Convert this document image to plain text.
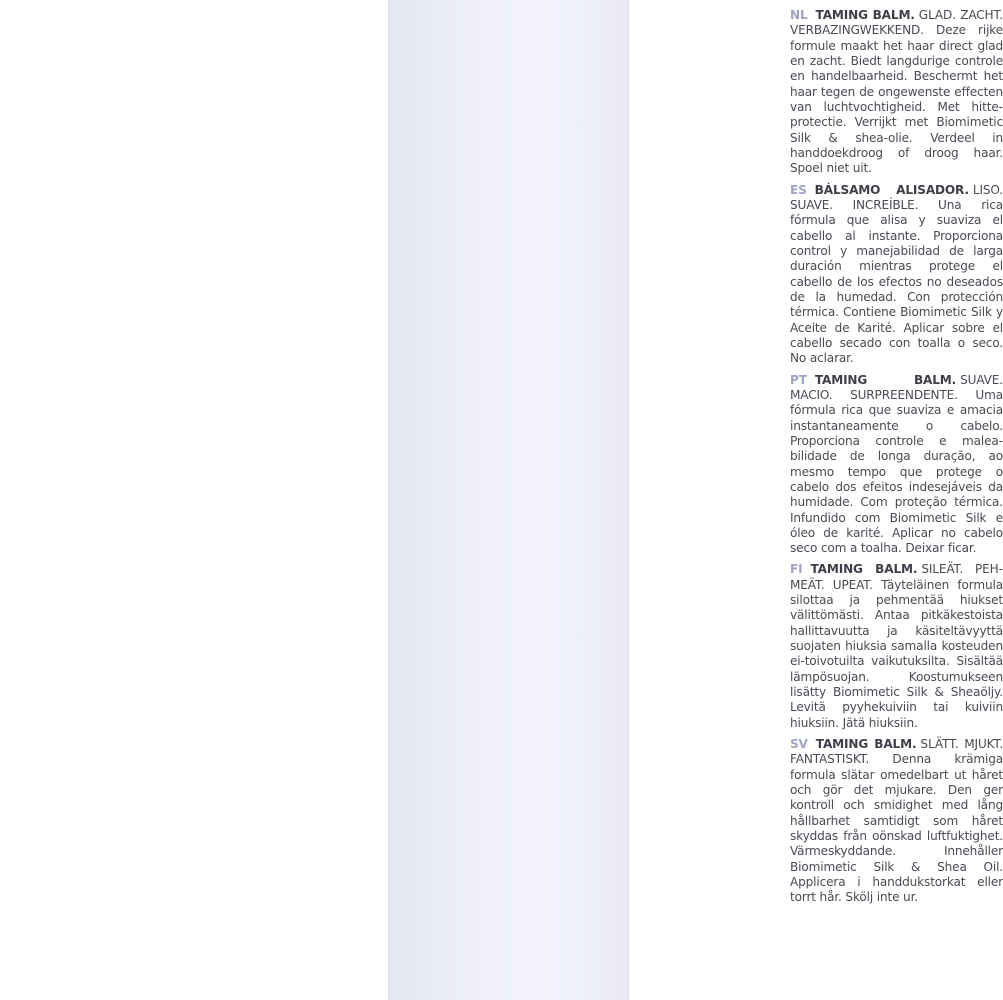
NL TAMING BALM. GLAD. ZACHT. VERBAZINGWEKKEND. Deze rijke formule maakt het haar direct glad en zacht. Biedt langdurige controle en handelbaarheid. Beschermt het haar tegen de ongewenste effecten van luchtvochtigheid. Met hitteprotectie. Verrijkt met Biomimetic Silk & shea-olie. Verdeel in handdoekdroog of droog haar. Spoel niet uit.

ES BÁLSAMO ALISADOR. LISO. SUAVE. INCREÍBLE. Una rica fórmula que alisa y suaviza el cabello al instante. Proporciona control y manejabilidad de larga duración mientras protege el cabello de los efectos no deseados de la humedad. Con protección térmica. Contiene Biomimetic Silk y Aceite de Karité. Aplicar sobre el cabello secado con toalla o seco. No aclarar.

PT TAMING BALM. SUAVE. MACIO. SURPREENDENTE. Uma fórmula rica que suaviza e amacia instantaneamente o cabelo. Proporciona controle e maleabilidade de longa duração, ao mesmo tempo que protege o cabelo dos efeitos indesejáveis da humidade. Com proteção térmica. Infundido com Biomimetic Silk e óleo de karité. Aplicar no cabelo seco com a toalha. Deixar ficar.

FI TAMING BALM. SILEÄT. PEHMEÄT. UPEAT. Täyteläinen formula silottaa ja pehmentää hiukset välittömästi. Antaa pitkäkestoista hallittavuutta ja käsiteltävyyttä suojaten hiuksia samalla kosteuden ei-toivotuilta vaikutuksilta. Sisältää lämpösuojan. Koostumukseen lisätty Biomimetic Silk & Sheaöljy. Levitä pyyhekuiviin tai kuiviin hiuksiin. Jätä hiuksiin.

SV TAMING BALM. SLÄTT. MJUKT. FANTASTISKT. Denna krämiga formula slätar omedelbart ut håret och gör det mjukare. Den ger kontroll och smidighet med lång hållbarhet samtidigt som håret skyddas från oönskad luftfuktighet. Värmeskyddande. Innehåller Biomimetic Silk & Shea Oil. Applicera i handdukstorkat eller torrt hår. Skölj inte ur.
